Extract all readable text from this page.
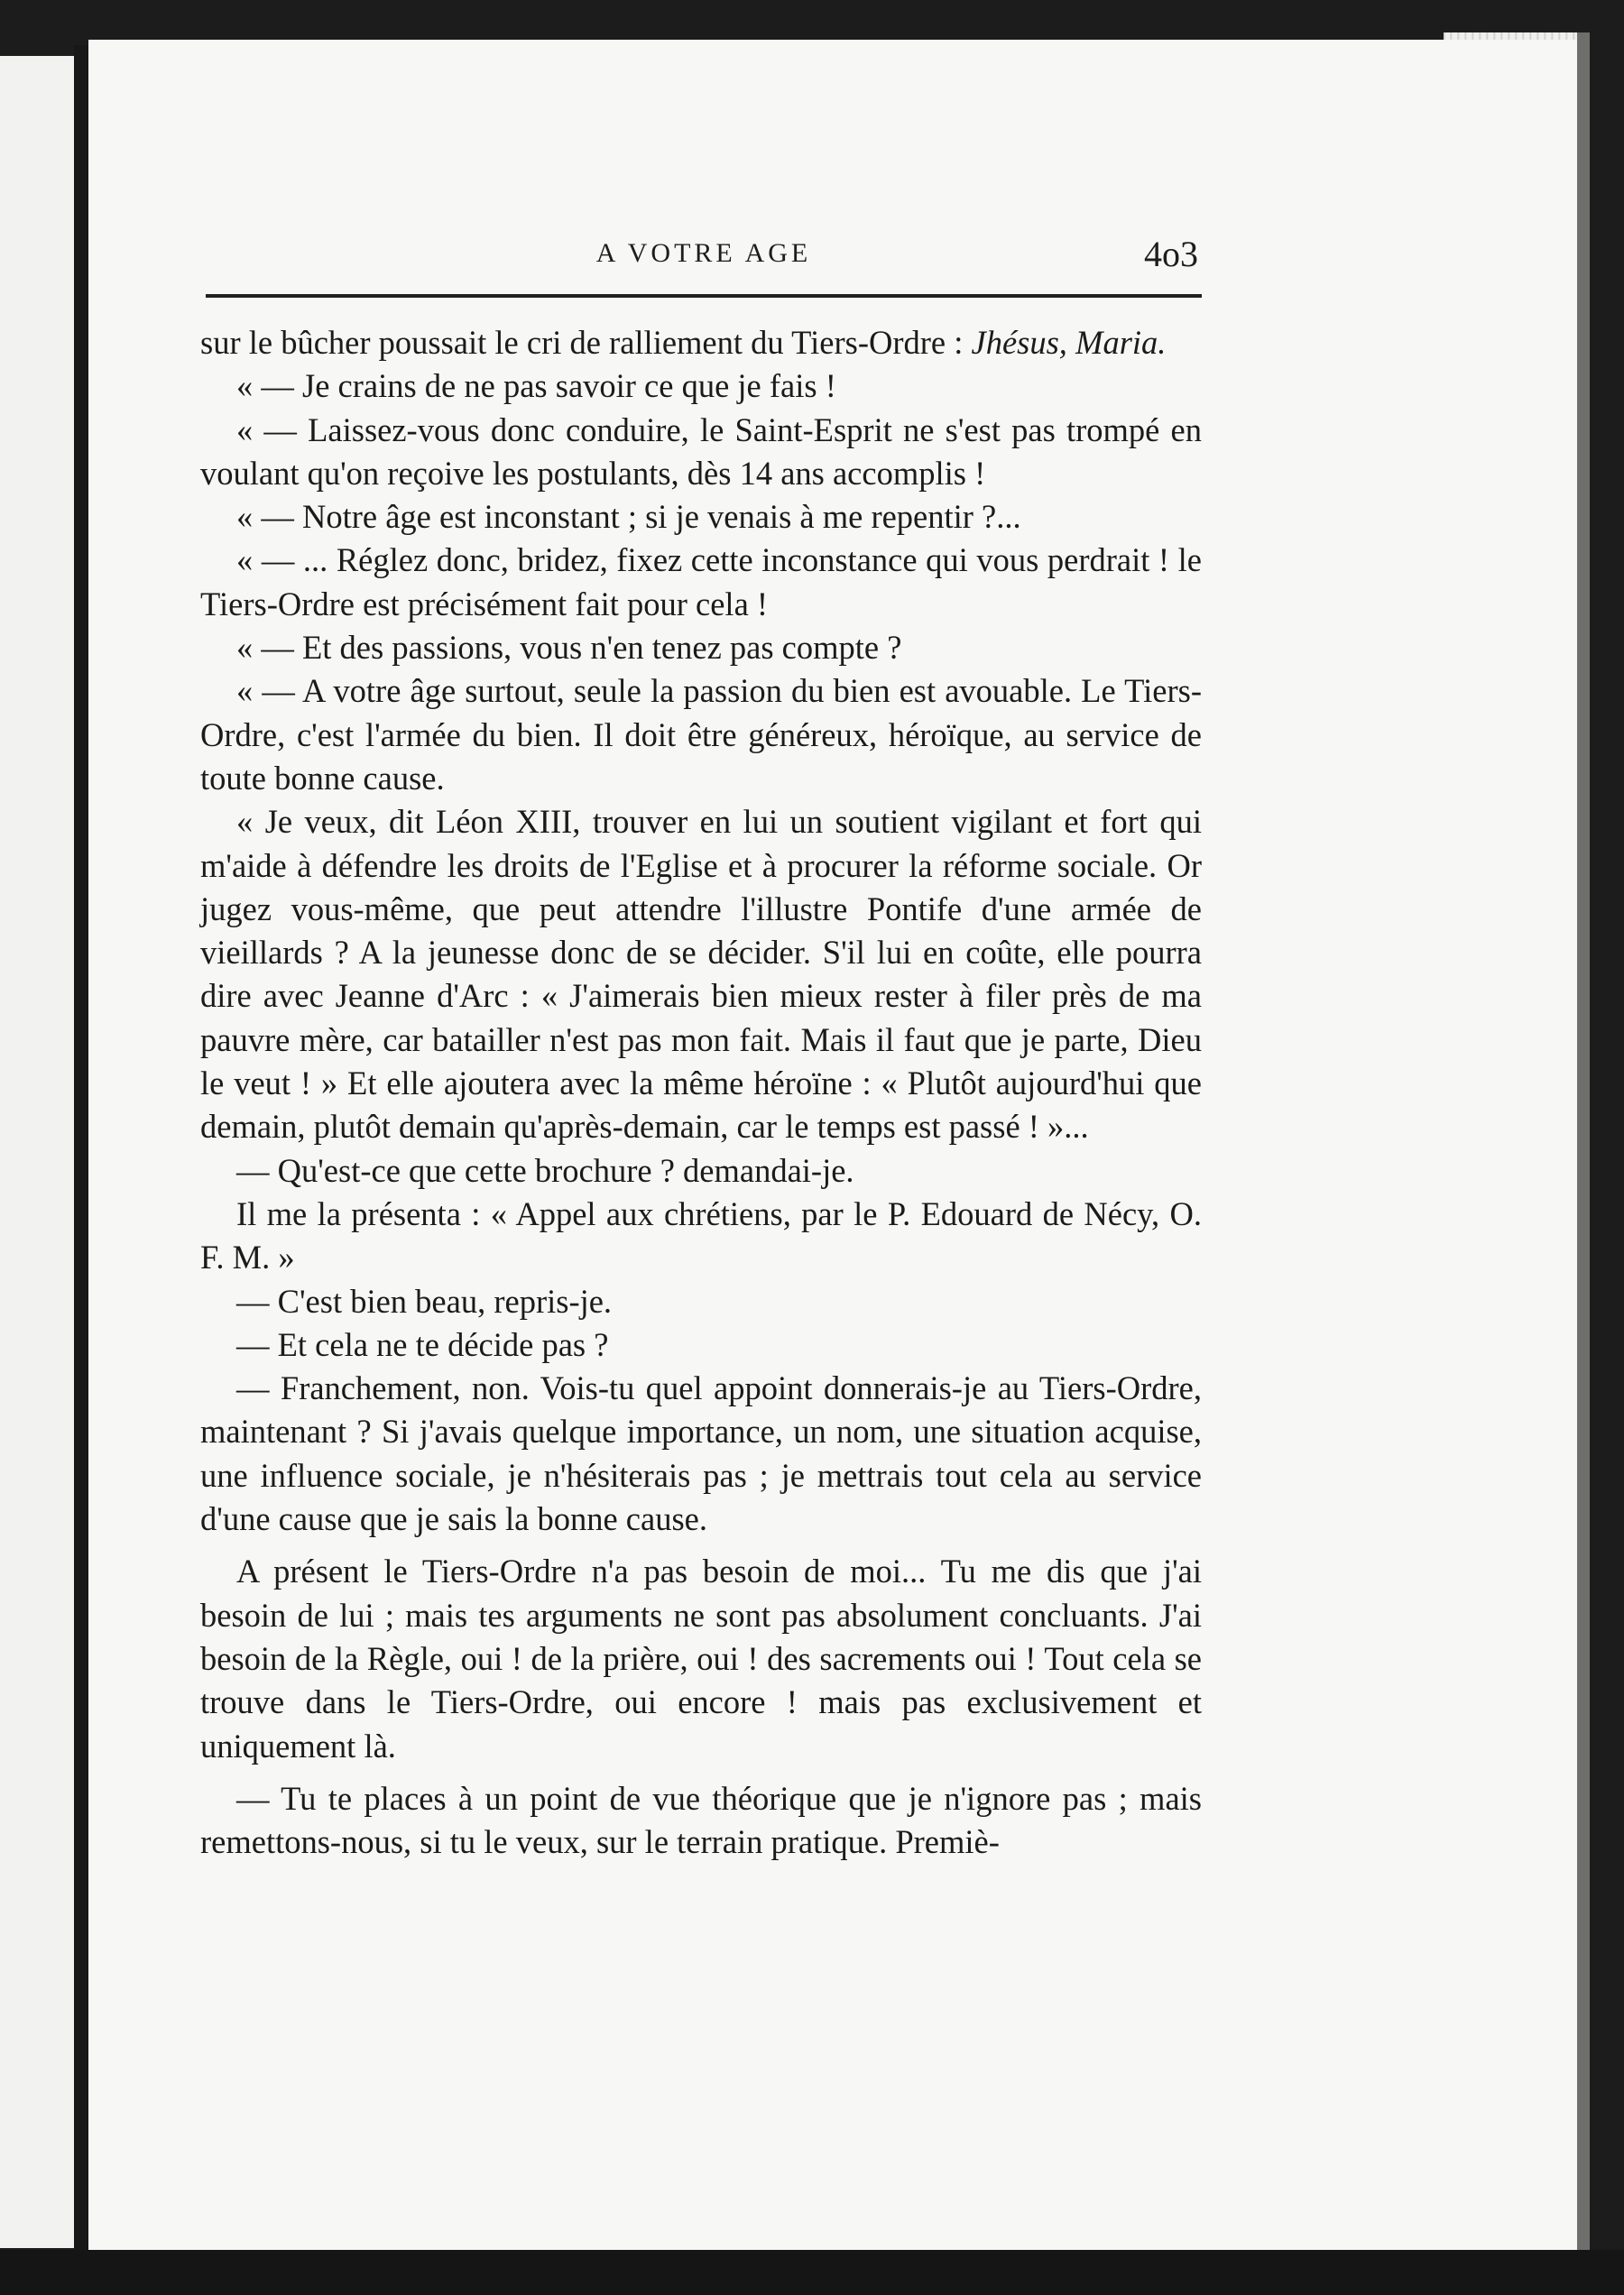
A VOTRE AGE	4o3

sur le bûcher poussait le cri de ralliement du Tiers-Ordre : Jhésus, Maria.

« — Je crains de ne pas savoir ce que je fais !

« — Laissez-vous donc conduire, le Saint-Esprit ne s'est pas trompé en voulant qu'on reçoive les postulants, dès 14 ans accomplis !

« — Notre âge est inconstant ; si je venais à me repentir ?...

« — ... Réglez donc, bridez, fixez cette inconstance qui vous perdrait ! le Tiers-Ordre est précisément fait pour cela !

« — Et des passions, vous n'en tenez pas compte ?

« — A votre âge surtout, seule la passion du bien est avouable. Le Tiers-Ordre, c'est l'armée du bien. Il doit être généreux, héroïque, au service de toute bonne cause.

« Je veux, dit Léon XIII, trouver en lui un soutient vigilant et fort qui m'aide à défendre les droits de l'Eglise et à procurer la réforme sociale. Or jugez vous-même, que peut attendre l'illustre Pontife d'une armée de vieillards ? A la jeunesse donc de se décider. S'il lui en coûte, elle pourra dire avec Jeanne d'Arc : « J'aimerais bien mieux rester à filer près de ma pauvre mère, car batailler n'est pas mon fait. Mais il faut que je parte, Dieu le veut ! » Et elle ajoutera avec la même héroïne : « Plutôt aujourd'hui que demain, plutôt demain qu'après-demain, car le temps est passé ! »...

— Qu'est-ce que cette brochure ? demandai-je.

Il me la présenta : « Appel aux chrétiens, par le P. Edouard de Nécy, O. F. M. »

— C'est bien beau, repris-je.

— Et cela ne te décide pas ?

— Franchement, non. Vois-tu quel appoint donnerais-je au Tiers-Ordre, maintenant ? Si j'avais quelque importance, un nom, une situation acquise, une influence sociale, je n'hésiterais pas ; je mettrais tout cela au service d'une cause que je sais la bonne cause.

A présent le Tiers-Ordre n'a pas besoin de moi... Tu me dis que j'ai besoin de lui ; mais tes arguments ne sont pas absolument concluants. J'ai besoin de la Règle, oui ! de la prière, oui ! des sacrements oui ! Tout cela se trouve dans le Tiers-Ordre, oui encore ! mais pas exclusivement et uniquement là.

— Tu te places à un point de vue théorique que je n'ignore pas ; mais remettons-nous, si tu le veux, sur le terrain pratique. Premiè-
